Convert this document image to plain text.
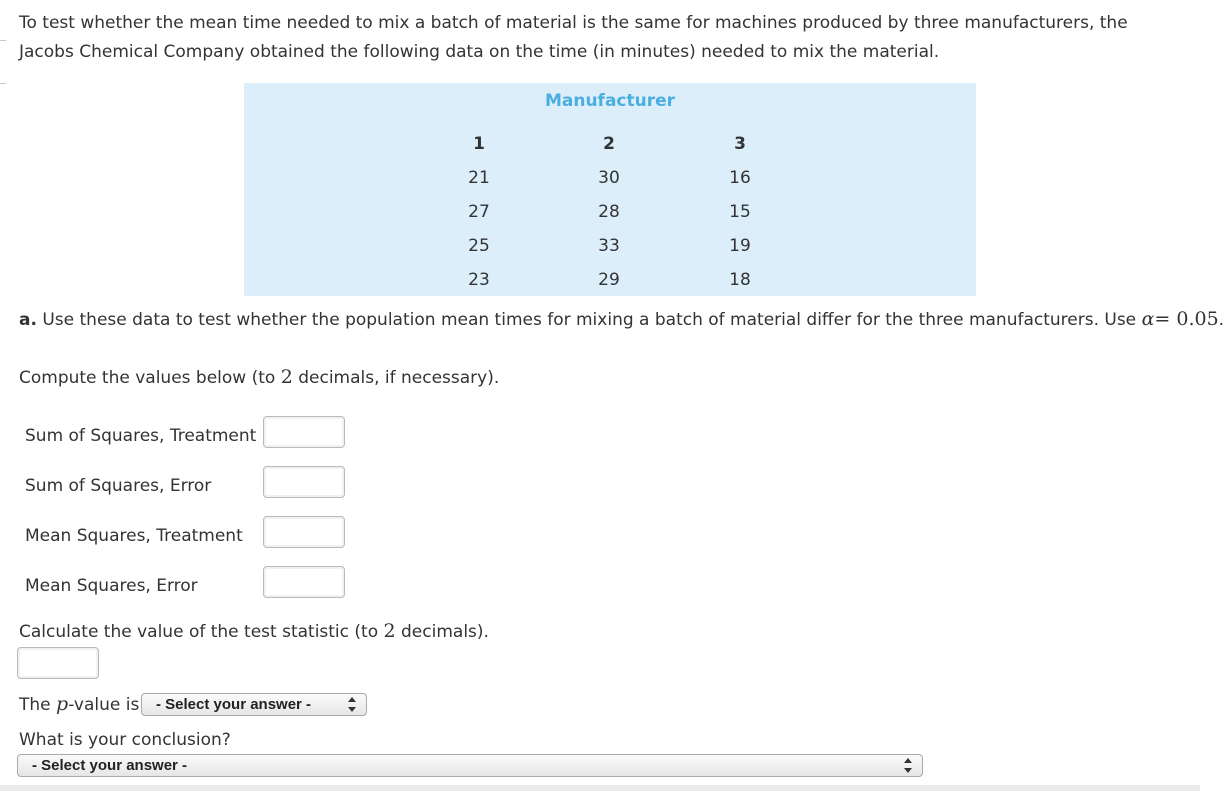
To test whether the mean time needed to mix a batch of material is the same for machines produced by three manufacturers, the Jacobs Chemical Company obtained the following data on the time (in minutes) needed to mix the material.

Manufacturer
1
21
27
25
23
2
30
28
33
29
3
16
15
19
18
a. Use these data to test whether the population mean times for mixing a batch of material differ for the three manufacturers. Use α= 0.05.
Compute the values below (to 2 decimals, if necessary).
Sum of Squares, Treatment
Sum of Squares, Error
Mean Squares, Treatment
Mean Squares, Error
Calculate the value of the test statistic (to 2 decimals).
The p-value is	- Select your answer -
What is your conclusion?
- Select your answer -
